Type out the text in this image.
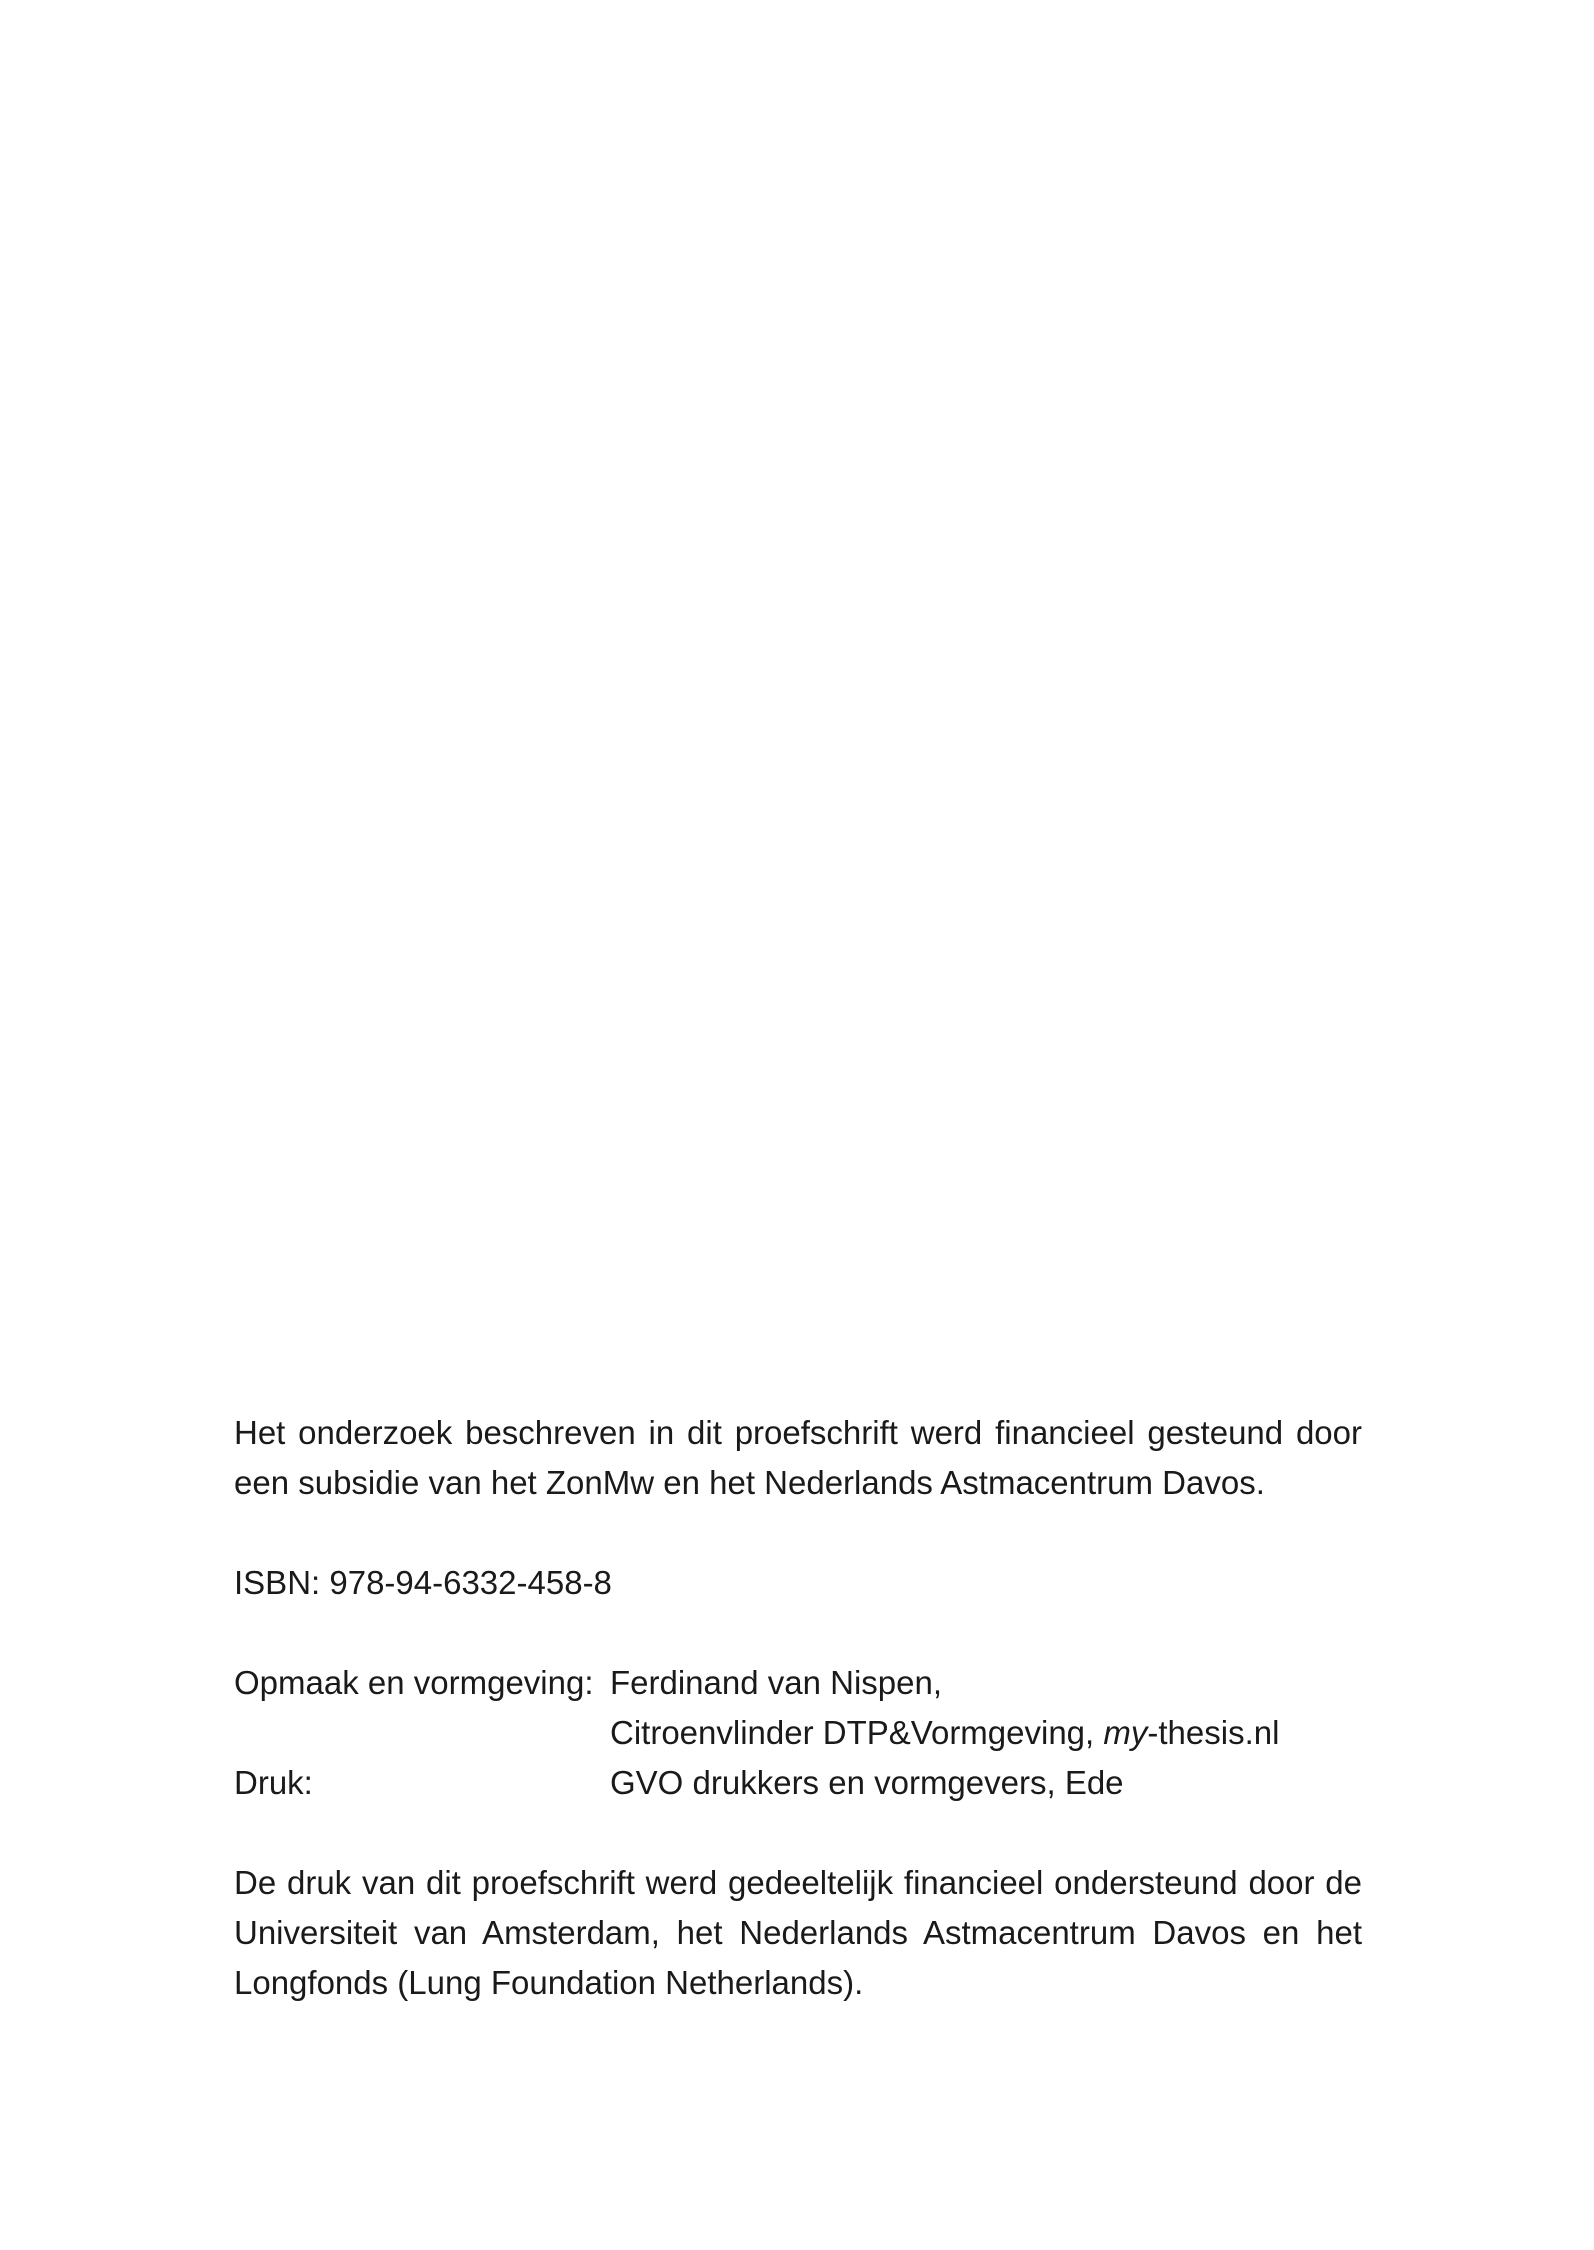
Het onderzoek beschreven in dit proefschrift werd financieel gesteund door een subsidie van het ZonMw en het Nederlands Astmacentrum Davos.

ISBN: 978-94-6332-458-8

Opmaak en vormgeving: Ferdinand van Nispen,

Citroenvlinder DTP&Vormgeving, my-thesis.nl

Druk:	GVO drukkers en vormgevers, Ede

De druk van dit proefschrift werd gedeeltelijk financieel ondersteund door de Universiteit van Amsterdam, het Nederlands Astmacentrum Davos en het Longfonds (Lung Foundation Netherlands).
